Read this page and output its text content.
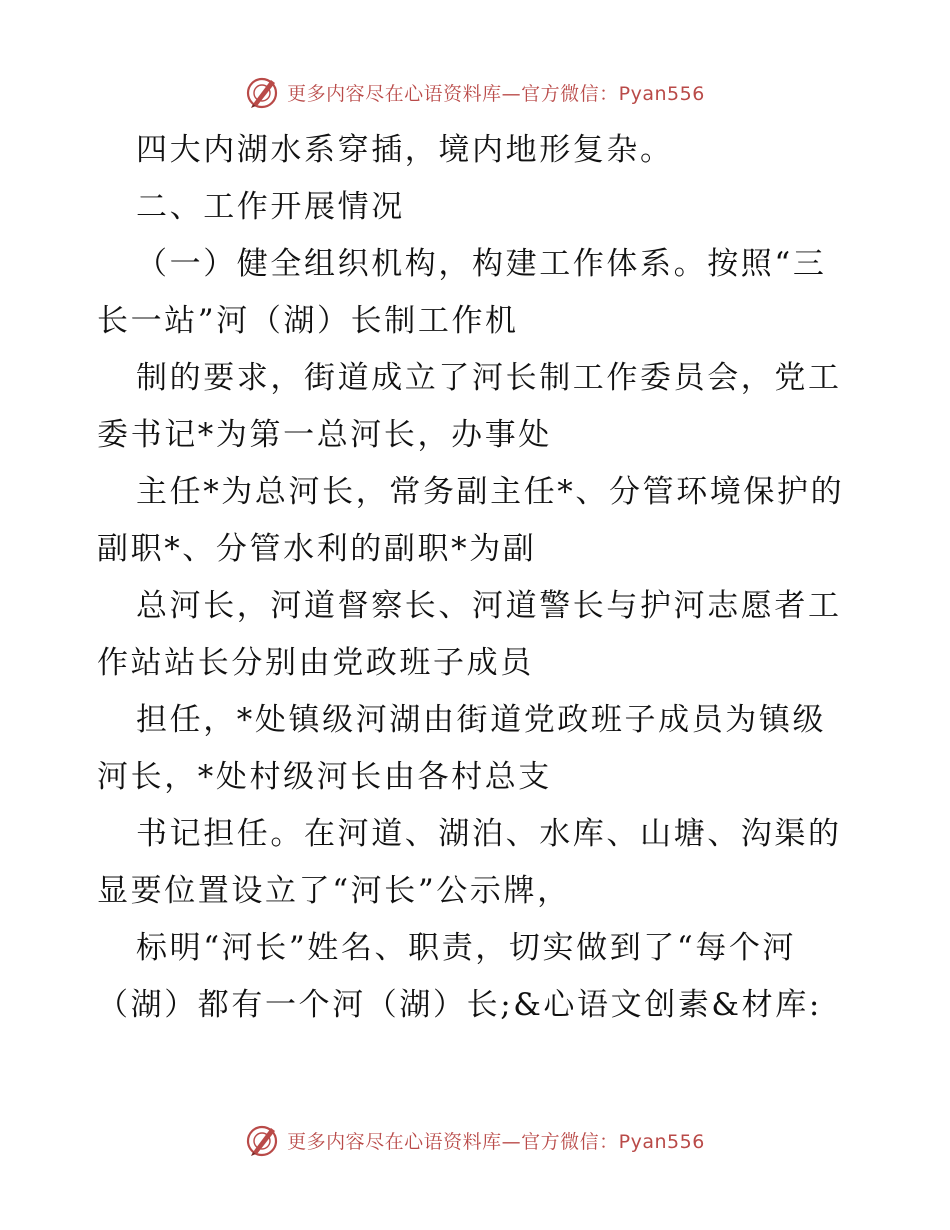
更多内容尽在心语资料库—官方微信：Pyan556
四大内湖水系穿插，境内地形复杂。
二、工作开展情况
（一）健全组织机构，构建工作体系。按照“三
长一站”河（湖）长制工作机
制的要求，街道成立了河长制工作委员会，党工
委书记*为第一总河长，办事处
主任*为总河长，常务副主任*、分管环境保护的
副职*、分管水利的副职*为副
总河长，河道督察长、河道警长与护河志愿者工
作站站长分别由党政班子成员
担任，*处镇级河湖由街道党政班子成员为镇级
河长，*处村级河长由各村总支
书记担任。在河道、湖泊、水库、山塘、沟渠的
显要位置设立了“河长”公示牌，
标明“河长”姓名、职责，切实做到了“每个河
（湖）都有一个河（湖）长;&心语文创素&材库:
更多内容尽在心语资料库—官方微信：Pyan556
